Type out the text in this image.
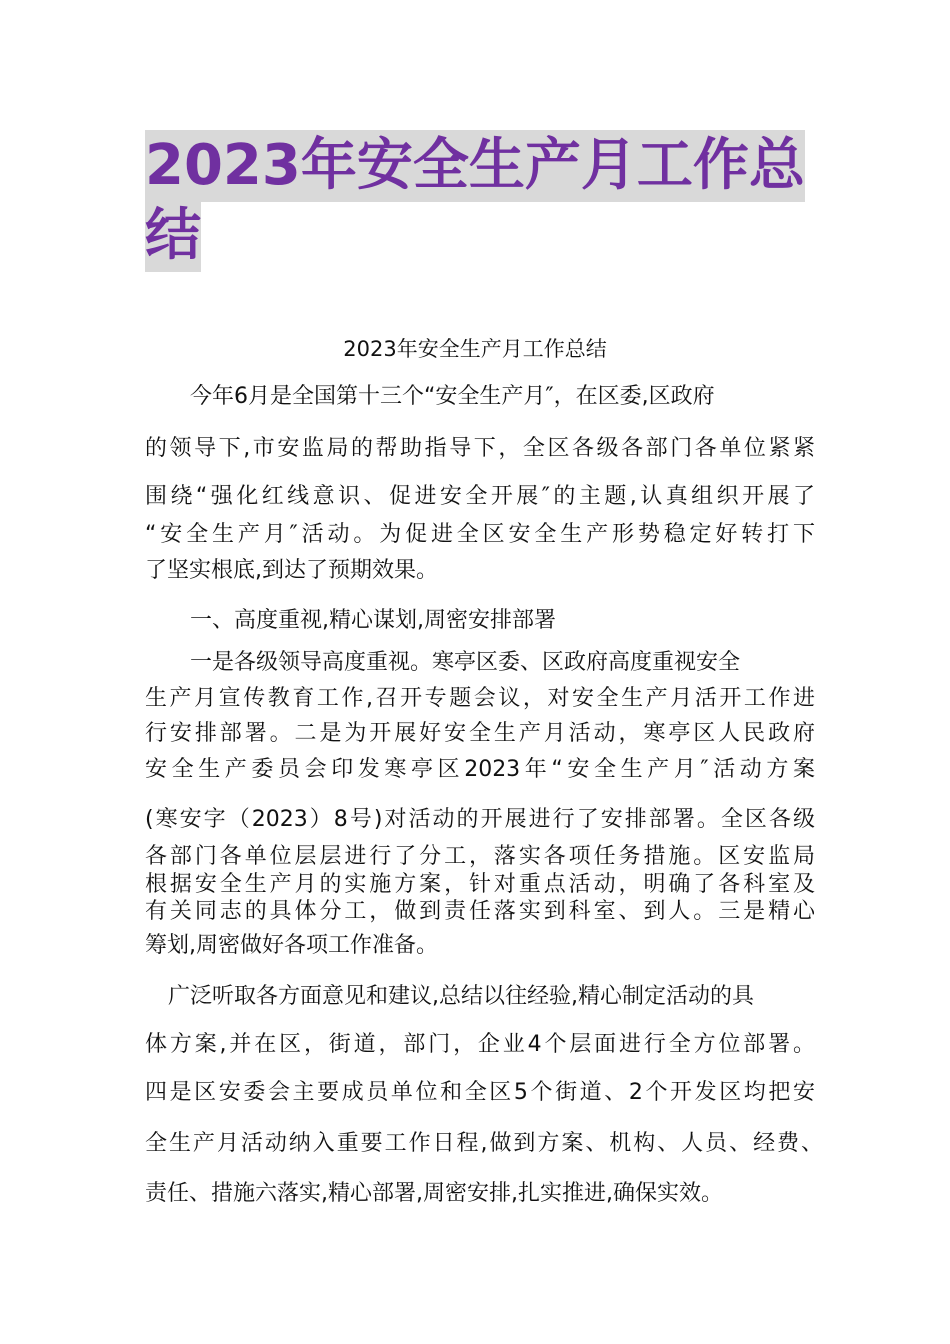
2023年安全生产月工作总
结

2023年安全生产月工作总结

今年6月是全国第十三个“安全生产月″，在区委,区政府

的领导下,市安监局的帮助指导下，全区各级各部门各单位紧紧

围绕“强化红线意识、促进安全开展″的主题,认真组织开展了

“安全生产月″活动。为促进全区安全生产形势稳定好转打下

了坚实根底,到达了预期效果。

一、高度重视,精心谋划,周密安排部署

一是各级领导高度重视。寒亭区委、区政府高度重视安全

生产月宣传教育工作,召开专题会议，对安全生产月活开工作进

行安排部署。二是为开展好安全生产月活动，寒亭区人民政府

安全生产委员会印发寒亭区2023年“安全生产月″活动方案

(寒安字（2023）8号)对活动的开展进行了安排部署。全区各级

各部门各单位层层进行了分工，落实各项任务措施。区安监局

根据安全生产月的实施方案，针对重点活动，明确了各科室及

有关同志的具体分工，做到责任落实到科室、到人。三是精心

筹划,周密做好各项工作准备。

广泛听取各方面意见和建议,总结以往经验,精心制定活动的具

体方案,并在区，街道，部门，企业4个层面进行全方位部署。

四是区安委会主要成员单位和全区5个街道、2个开发区均把安

全生产月活动纳入重要工作日程,做到方案、机构、人员、经费、

责任、措施六落实,精心部署,周密安排,扎实推进,确保实效。
